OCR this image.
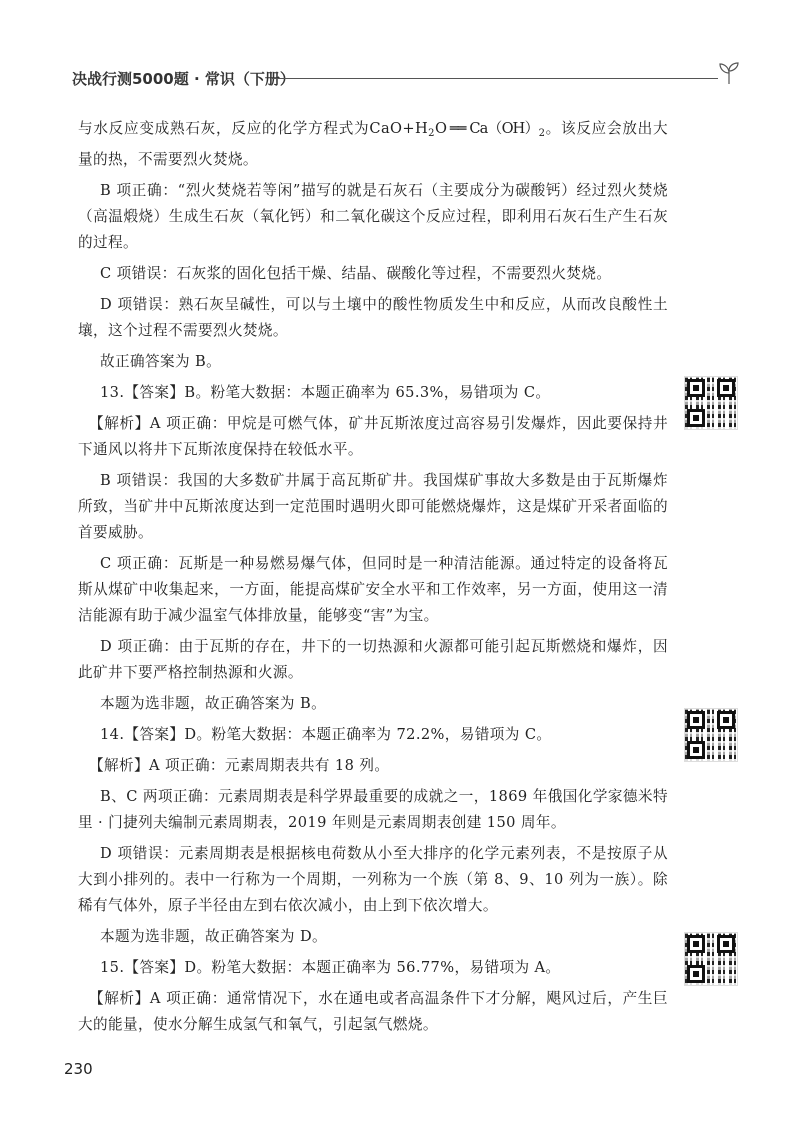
决战行测5000题 · 常识（下册）

与水反应变成熟石灰，反应的化学方程式为$CaO+H_2O$ ══ $Ca(OH)_2$。该反应会放出大量的热，不需要烈火焚烧。

B 项正确：“烈火焚烧若等闲”描写的就是石灰石（主要成分为碳酸钙）经过烈火焚烧（高温煅烧）生成生石灰（氧化钙）和二氧化碳这个反应过程，即利用石灰石生产生石灰的过程。

C 项错误：石灰浆的固化包括干燥、结晶、碳酸化等过程，不需要烈火焚烧。

D 项错误：熟石灰呈碱性，可以与土壤中的酸性物质发生中和反应，从而改良酸性土壤，这个过程不需要烈火焚烧。

故正确答案为 B。

13.【答案】B。粉笔大数据：本题正确率为 65.3%，易错项为 C。

【解析】A 项正确：甲烷是可燃气体，矿井瓦斯浓度过高容易引发爆炸，因此要保持井下通风以将井下瓦斯浓度保持在较低水平。

B 项错误：我国的大多数矿井属于高瓦斯矿井。我国煤矿事故大多数是由于瓦斯爆炸所致，当矿井中瓦斯浓度达到一定范围时遇明火即可能燃烧爆炸，这是煤矿开采者面临的首要威胁。

C 项正确：瓦斯是一种易燃易爆气体，但同时是一种清洁能源。通过特定的设备将瓦斯从煤矿中收集起来，一方面，能提高煤矿安全水平和工作效率，另一方面，使用这一清洁能源有助于减少温室气体排放量，能够变“害”为宝。

D 项正确：由于瓦斯的存在，井下的一切热源和火源都可能引起瓦斯燃烧和爆炸，因此矿井下要严格控制热源和火源。

本题为选非题，故正确答案为 B。

14.【答案】D。粉笔大数据：本题正确率为 72.2%，易错项为 C。

【解析】A 项正确：元素周期表共有 18 列。

B、C 两项正确：元素周期表是科学界最重要的成就之一，1869 年俄国化学家德米特里 · 门捷列夫编制元素周期表，2019 年则是元素周期表创建 150 周年。

D 项错误：元素周期表是根据核电荷数从小至大排序的化学元素列表，不是按原子从大到小排列的。表中一行称为一个周期，一列称为一个族（第 8、9、10 列为一族）。除稀有气体外，原子半径由左到右依次减小，由上到下依次增大。

本题为选非题，故正确答案为 D。

15.【答案】D。粉笔大数据：本题正确率为 56.77%，易错项为 A。

【解析】A 项正确：通常情况下，水在通电或者高温条件下才分解，飓风过后，产生巨大的能量，使水分解生成氢气和氧气，引起氢气燃烧。

230
